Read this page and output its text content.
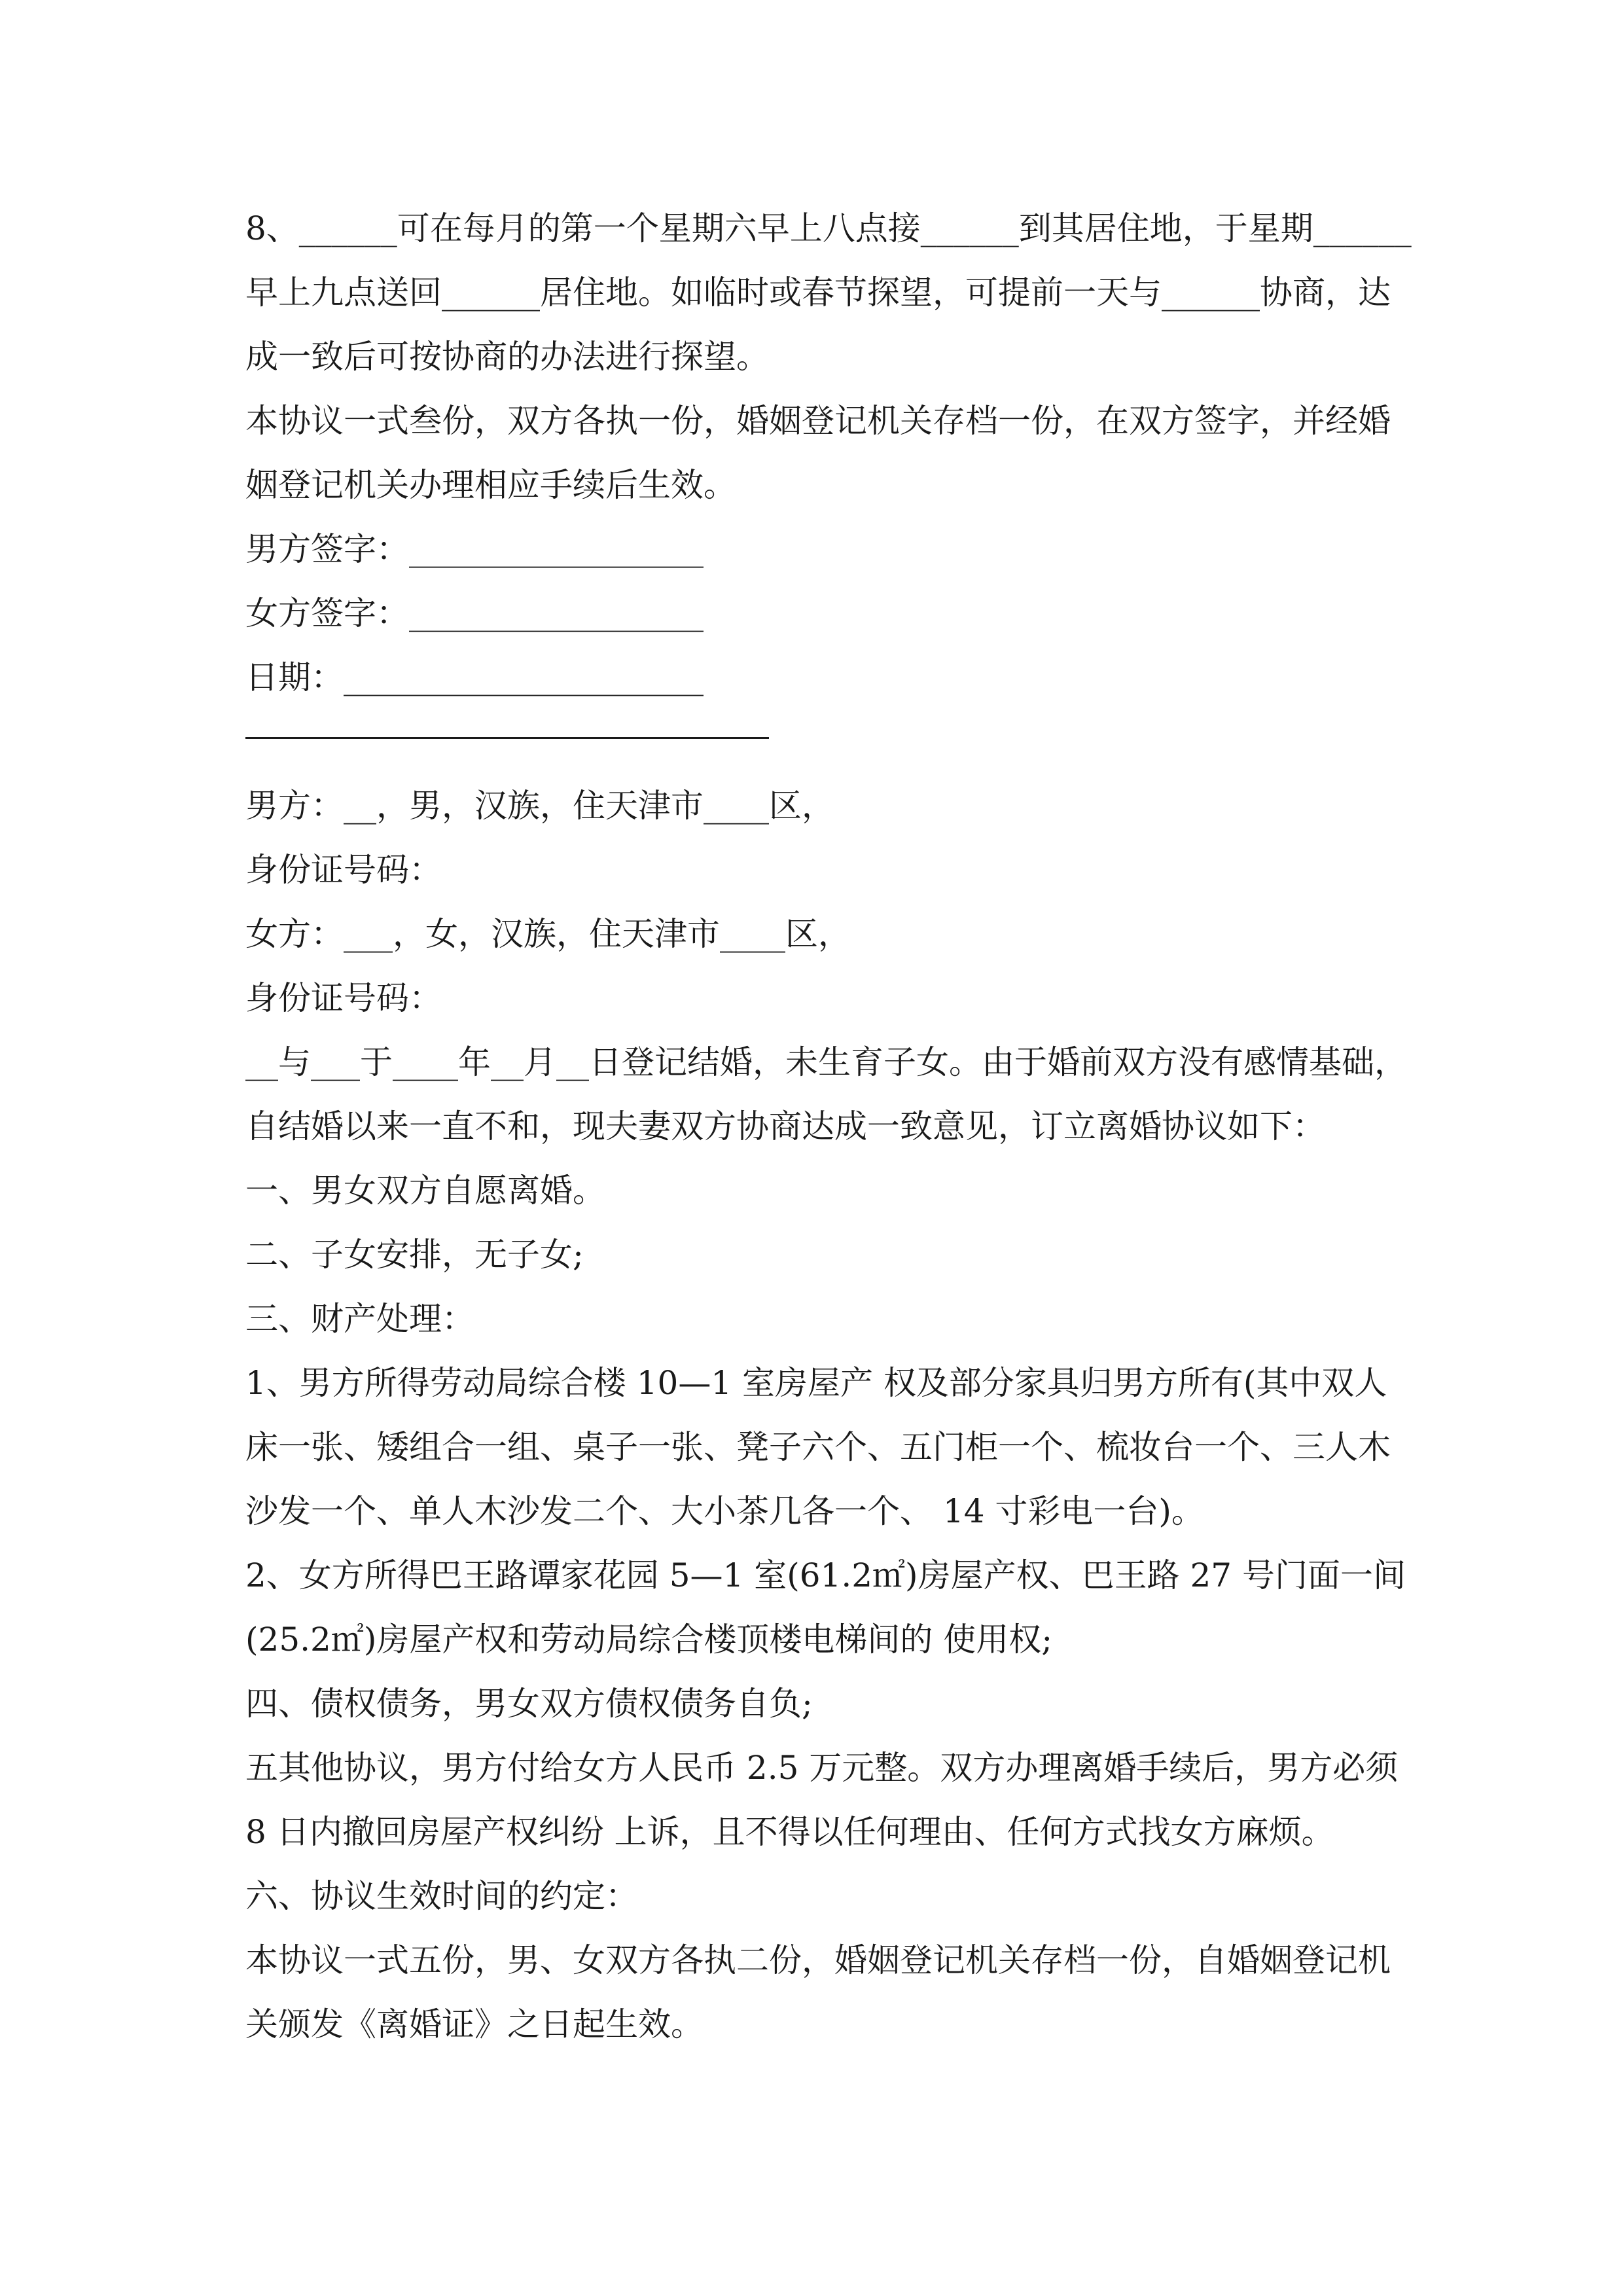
8、______可在每月的第一个星期六早上八点接______到其居住地，于星期______
早上九点送回______居住地。如临时或春节探望，可提前一天与______协商，达
成一致后可按协商的办法进行探望。
本协议一式叁份，双方各执一份，婚姻登记机关存档一份，在双方签字，并经婚
姻登记机关办理相应手续后生效。
男方签字：__________________
女方签字：__________________
日期：______________________
男方：__，男，汉族，住天津市____区，
身份证号码：
女方：___，女，汉族，住天津市____区，
身份证号码：
__与___于____年__月__日登记结婚，未生育子女。由于婚前双方没有感情基础，
自结婚以来一直不和，现夫妻双方协商达成一致意见，订立离婚协议如下：
一、男女双方自愿离婚。
二、子女安排，无子女;
三、财产处理：
1、男方所得劳动局综合楼 10—1 室房屋产 权及部分家具归男方所有(其中双人
床一张、矮组合一组、桌子一张、凳子六个、五门柜一个、梳妆台一个、三人木
沙发一个、单人木沙发二个、大小茶几各一个、 14 寸彩电一台)。
2、女方所得巴王路谭家花园 5—1 室(61.2㎡)房屋产权、巴王路 27 号门面一间
(25.2㎡)房屋产权和劳动局综合楼顶楼电梯间的 使用权;
四、债权债务，男女双方债权债务自负;
五其他协议，男方付给女方人民币 2.5 万元整。双方办理离婚手续后，男方必须
8 日内撤回房屋产权纠纷 上诉，且不得以任何理由、任何方式找女方麻烦。
六、协议生效时间的约定：
本协议一式五份，男、女双方各执二份，婚姻登记机关存档一份，自婚姻登记机
关颁发《离婚证》之日起生效。
